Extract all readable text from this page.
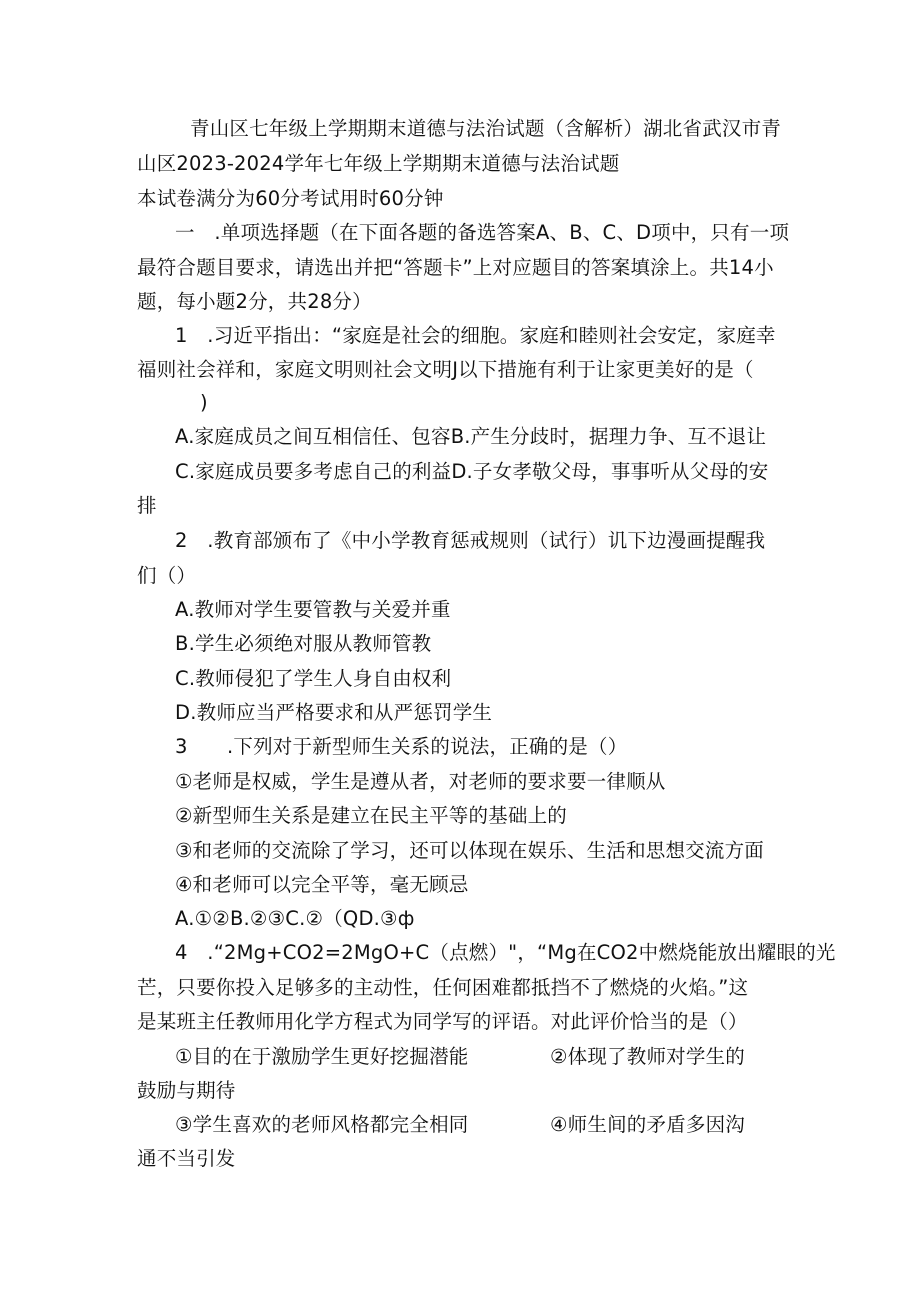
青山区七年级上学期期末道德与法治试题（含解析）湖北省武汉市青
山区2023-2024学年七年级上学期期末道德与法治试题
本试卷满分为60分考试用时60分钟
一　.单项选择题（在下面各题的备选答案A、B、C、D项中，只有一项
最符合题目要求，请选出并把“答题卡”上对应题目的答案填涂上。共14小
题，每小题2分，共28分）
1　.习近平指出：“家庭是社会的细胞。家庭和睦则社会安定，家庭幸
福则社会祥和，家庭文明则社会文明J以下措施有利于让家更美好的是（
)
A.家庭成员之间互相信任、包容B.产生分歧时，据理力争、互不退让
C.家庭成员要多考虑自己的利益D.子女孝敬父母，事事听从父母的安
排
2　.教育部颁布了《中小学教育惩戒规则（试行）讥下边漫画提醒我
们（）
A.教师对学生要管教与关爱并重
B.学生必须绝对服从教师管教
C.教师侵犯了学生人身自由权利
D.教师应当严格要求和从严惩罚学生
3　　.下列对于新型师生关系的说法，正确的是（）
①老师是权威，学生是遵从者，对老师的要求要一律顺从
②新型师生关系是建立在民主平等的基础上的
③和老师的交流除了学习，还可以体现在娱乐、生活和思想交流方面
④和老师可以完全平等，毫无顾忌
A.①②B.②③C.②（QD.③ф
4　.“2Mg+CO2=2MgO+C（点燃）"，“Mg在CO2中燃烧能放出耀眼的光
芒，只要你投入足够多的主动性，任何困难都抵挡不了燃烧的火焰。”这
是某班主任教师用化学方程式为同学写的评语。对此评价恰当的是（）
①目的在于激励学生更好挖掘潜能	②体现了教师对学生的
鼓励与期待
③学生喜欢的老师风格都完全相同	④师生间的矛盾多因沟
通不当引发
